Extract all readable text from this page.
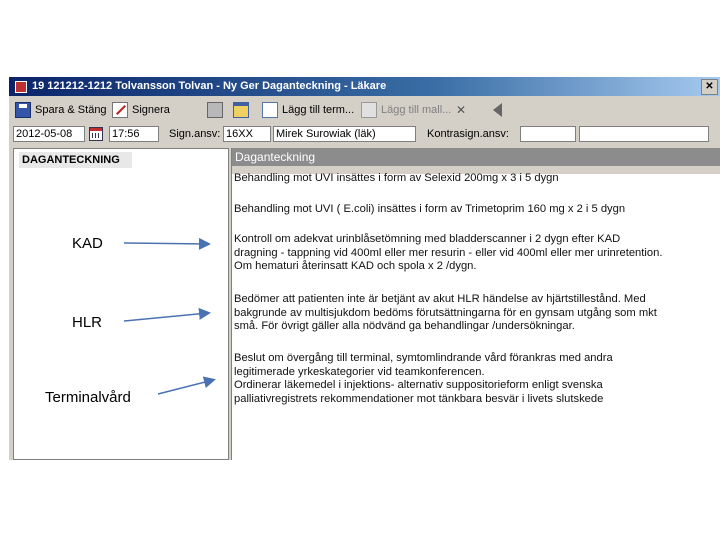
19 121212-1212 Tolvansson Tolvan - Ny Ger Daganteckning - Läkare	✕
Spara & Stäng	Signera	Lägg till term...	Lägg till mall...
✕
2012-05-08	17:56	Sign.ansv: 16XX	Mirek Surowiak (läk)	Kontrasign.ansv:
DAGANTECKNING	Daganteckning
Behandling mot UVI insättes i form av Selexid 200mg x 3 i 5 dygn
Behandling mot UVI ( E.coli) insättes i form av Trimetoprim 160 mg x 2 i 5 dygn
Kontroll om adekvat urinblåsetömning med bladderscanner i 2 dygn efter KAD
dragning - tappning vid 400ml eller mer resurin - eller vid 400ml eller mer urinretention.
Om hematuri återinsatt KAD och spola x 2 /dygn.
Bedömer att patienten inte är betjänt av akut HLR händelse av hjärtstillestånd. Med
bakgrunde av multisjukdom bedöms förutsättningarna för en gynsam utgång som mkt
små. För övrigt gäller alla nödvänd ga behandlingar /undersökningar.
Beslut om övergång till terminal, symtomlindrande vård förankras med andra
legitimerade yrkeskategorier vid teamkonferencen.
Ordinerar läkemedel i injektions- alternativ suppositorieform enligt svenska
palliativregistrets rekommendationer mot tänkbara besvär i livets slutskede
KAD
HLR
Terminalvård
